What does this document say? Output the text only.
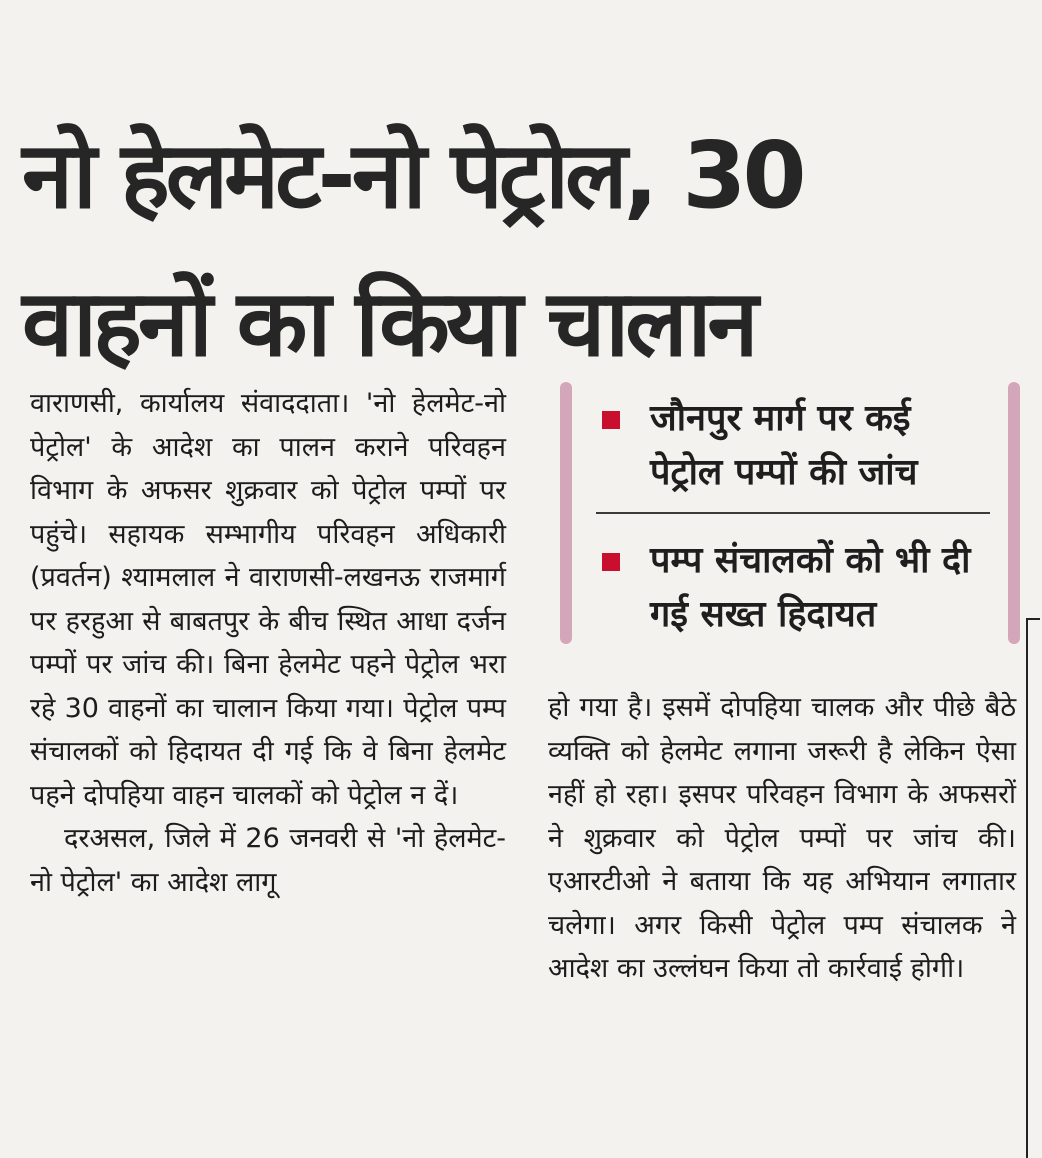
नो हेलमेट-नो पेट्रोल, 30
वाहनों का किया चालान

वाराणसी, कार्यालय संवाददाता। 'नो हेलमेट-नो पेट्रोल' के आदेश का पालन कराने परिवहन विभाग के अफसर शुक्रवार को पेट्रोल पम्पों पर पहुंचे। सहायक सम्भागीय परिवहन अधिकारी (प्रवर्तन) श्यामलाल ने वाराणसी-लखनऊ राजमार्ग पर हरहुआ से बाबतपुर के बीच स्थित आधा दर्जन पम्पों पर जांच की। बिना हेलमेट पहने पेट्रोल भरा रहे 30 वाहनों का चालान किया गया। पेट्रोल पम्प संचालकों को हिदायत दी गई कि वे बिना हेलमेट पहने दोपहिया वाहन चालकों को पेट्रोल न दें।

दरअसल, जिले में 26 जनवरी से 'नो हेलमेट-नो पेट्रोल' का आदेश लागू

जौनपुर मार्ग पर कई पेट्रोल पम्पों की जांच
पम्प संचालकों को भी दी गई सख्त हिदायत

हो गया है। इसमें दोपहिया चालक और पीछे बैठे व्यक्ति को हेलमेट लगाना जरूरी है लेकिन ऐसा नहीं हो रहा। इसपर परिवहन विभाग के अफसरों ने शुक्रवार को पेट्रोल पम्पों पर जांच की। एआरटीओ ने बताया कि यह अभियान लगातार चलेगा। अगर किसी पेट्रोल पम्प संचालक ने आदेश का उल्लंघन किया तो कार्रवाई होगी।
